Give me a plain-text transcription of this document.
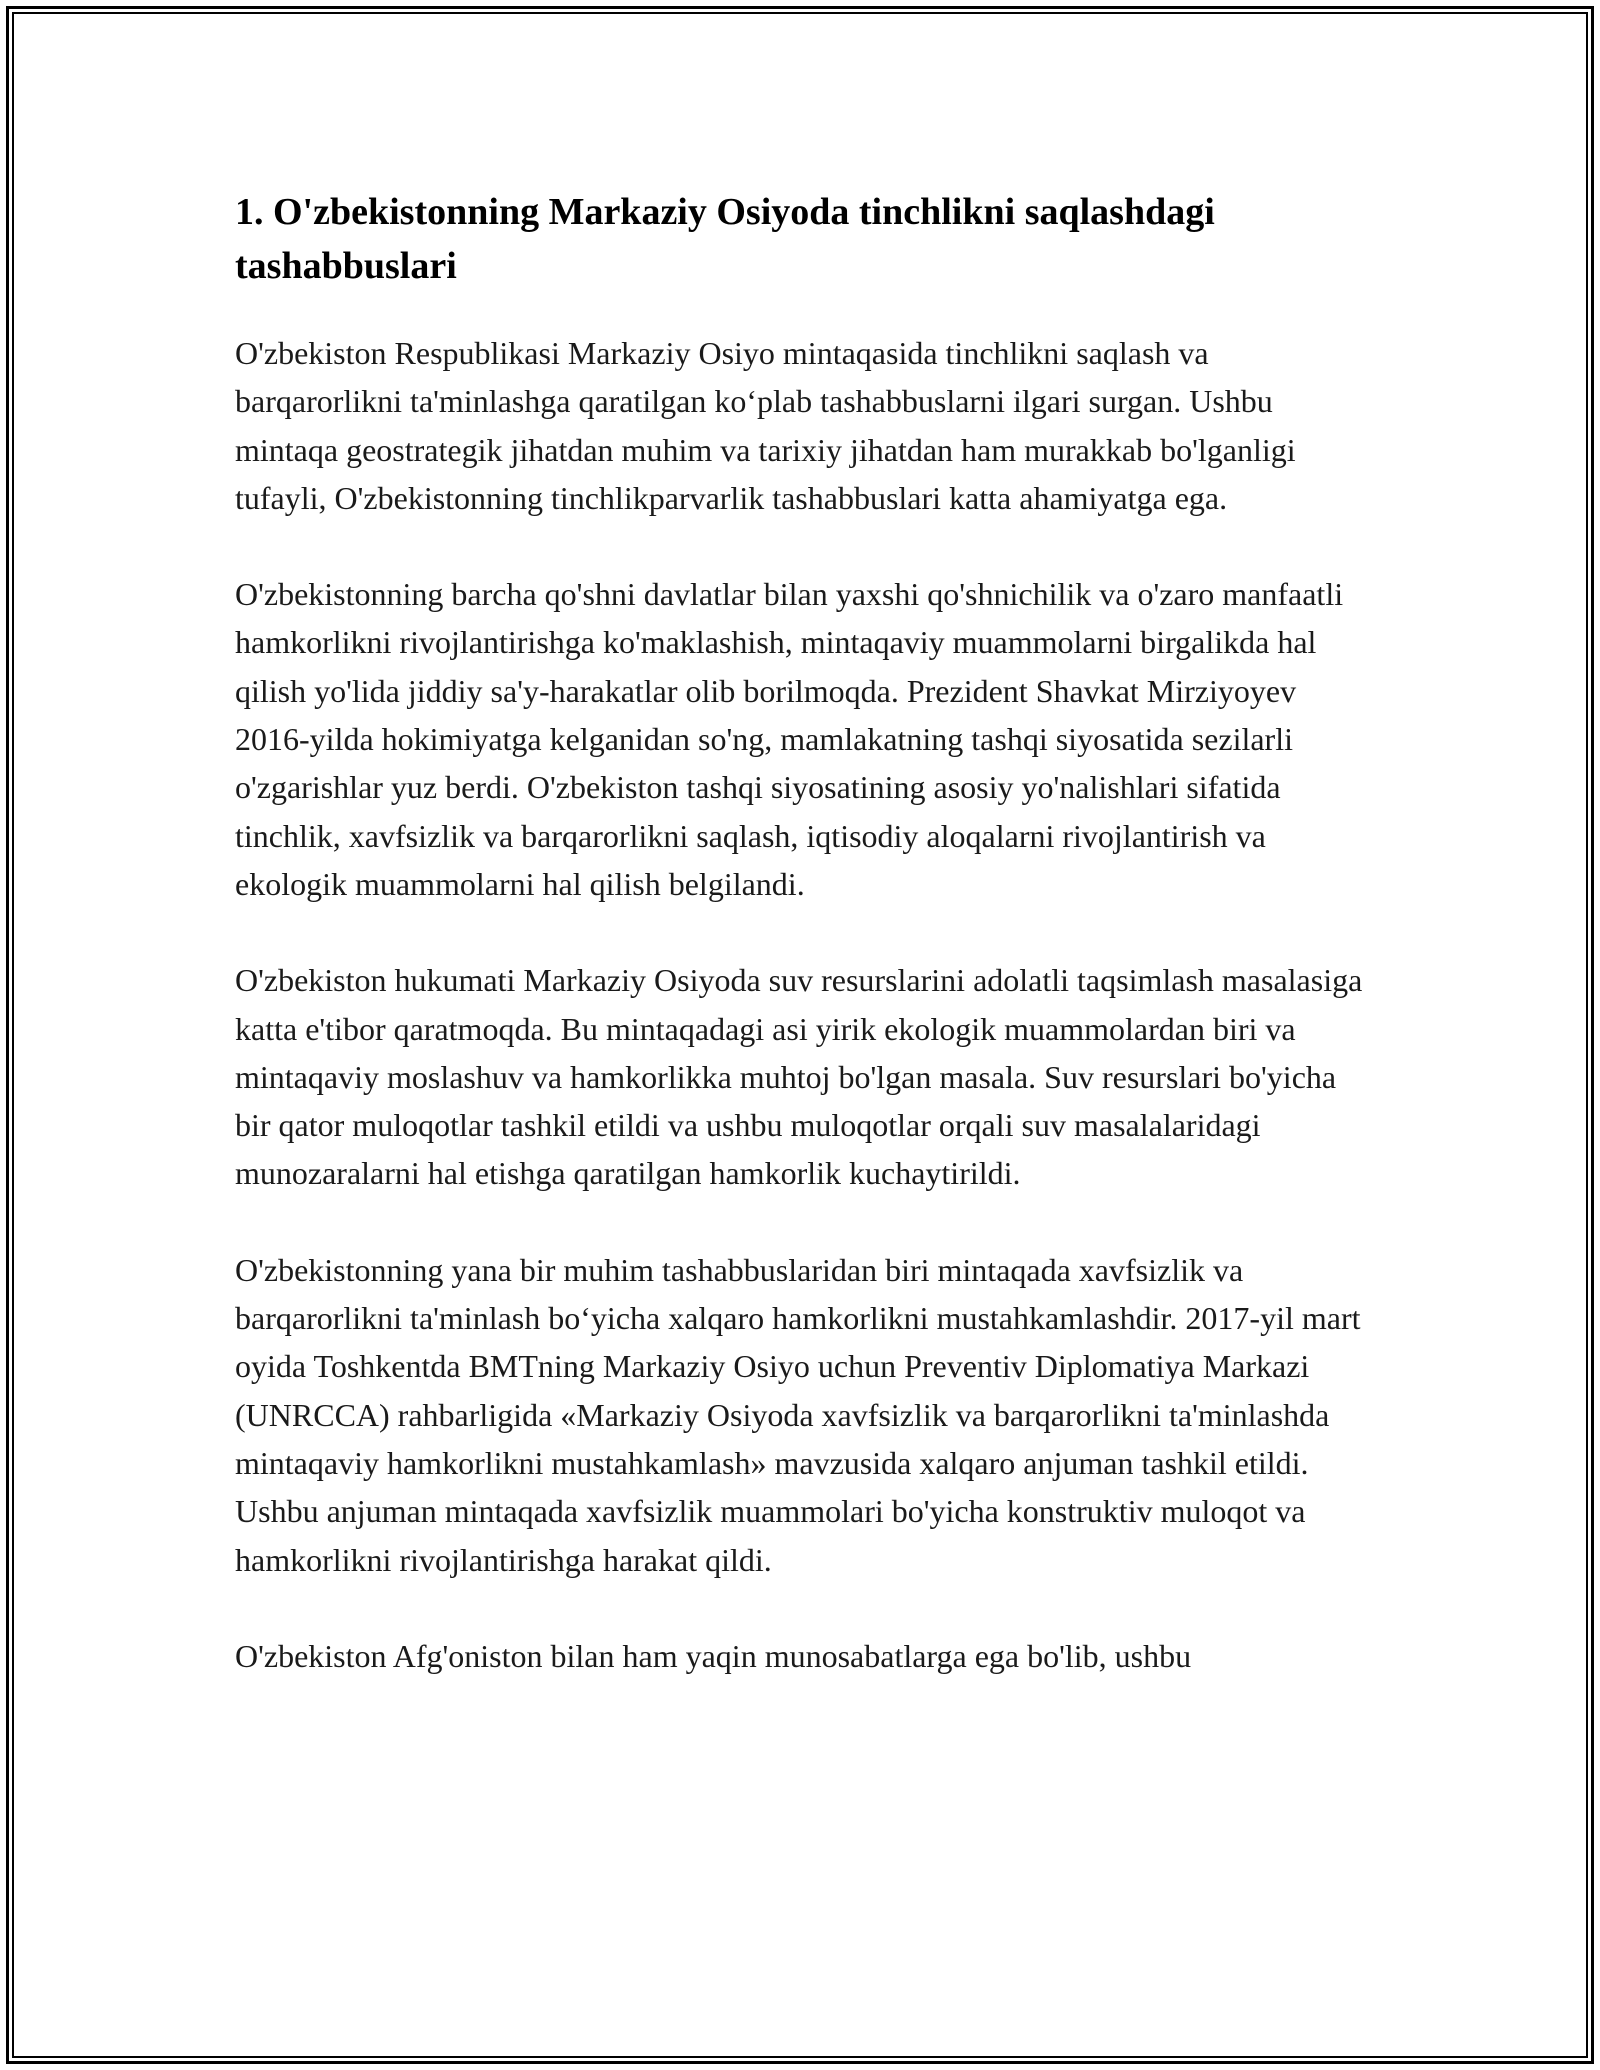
1. O'zbekistonning Markaziy Osiyoda tinchlikni saqlashdagi tashabbuslari

O'zbekiston Respublikasi Markaziy Osiyo mintaqasida tinchlikni saqlash va barqarorlikni ta'minlashga qaratilgan ko‘plab tashabbuslarni ilgari surgan. Ushbu mintaqa geostrategik jihatdan muhim va tarixiy jihatdan ham murakkab bo'lganligi tufayli, O'zbekistonning tinchlikparvarlik tashabbuslari katta ahamiyatga ega.

O'zbekistonning barcha qo'shni davlatlar bilan yaxshi qo'shnichilik va o'zaro manfaatli hamkorlikni rivojlantirishga ko'maklashish, mintaqaviy muammolarni birgalikda hal qilish yo'lida jiddiy sa'y-harakatlar olib borilmoqda. Prezident Shavkat Mirziyoyev 2016-yilda hokimiyatga kelganidan so'ng, mamlakatning tashqi siyosatida sezilarli o'zgarishlar yuz berdi. O'zbekiston tashqi siyosatining asosiy yo'nalishlari sifatida tinchlik, xavfsizlik va barqarorlikni saqlash, iqtisodiy aloqalarni rivojlantirish va ekologik muammolarni hal qilish belgilandi.

O'zbekiston hukumati Markaziy Osiyoda suv resurslarini adolatli taqsimlash masalasiga katta e'tibor qaratmoqda. Bu mintaqadagi asi yirik ekologik muammolardan biri va mintaqaviy moslashuv va hamkorlikka muhtoj bo'lgan masala. Suv resurslari bo'yicha bir qator muloqotlar tashkil etildi va ushbu muloqotlar orqali suv masalalaridagi munozaralarni hal etishga qaratilgan hamkorlik kuchaytirildi.

O'zbekistonning yana bir muhim tashabbuslaridan biri mintaqada xavfsizlik va barqarorlikni ta'minlash bo‘yicha xalqaro hamkorlikni mustahkamlashdir. 2017-yil mart oyida Toshkentda BMTning Markaziy Osiyo uchun Preventiv Diplomatiya Markazi (UNRCCA) rahbarligida «Markaziy Osiyoda xavfsizlik va barqarorlikni ta'minlashda mintaqaviy hamkorlikni mustahkamlash» mavzusida xalqaro anjuman tashkil etildi. Ushbu anjuman mintaqada xavfsizlik muammolari bo'yicha konstruktiv muloqot va hamkorlikni rivojlantirishga harakat qildi.

O'zbekiston Afg'oniston bilan ham yaqin munosabatlarga ega bo'lib, ushbu
